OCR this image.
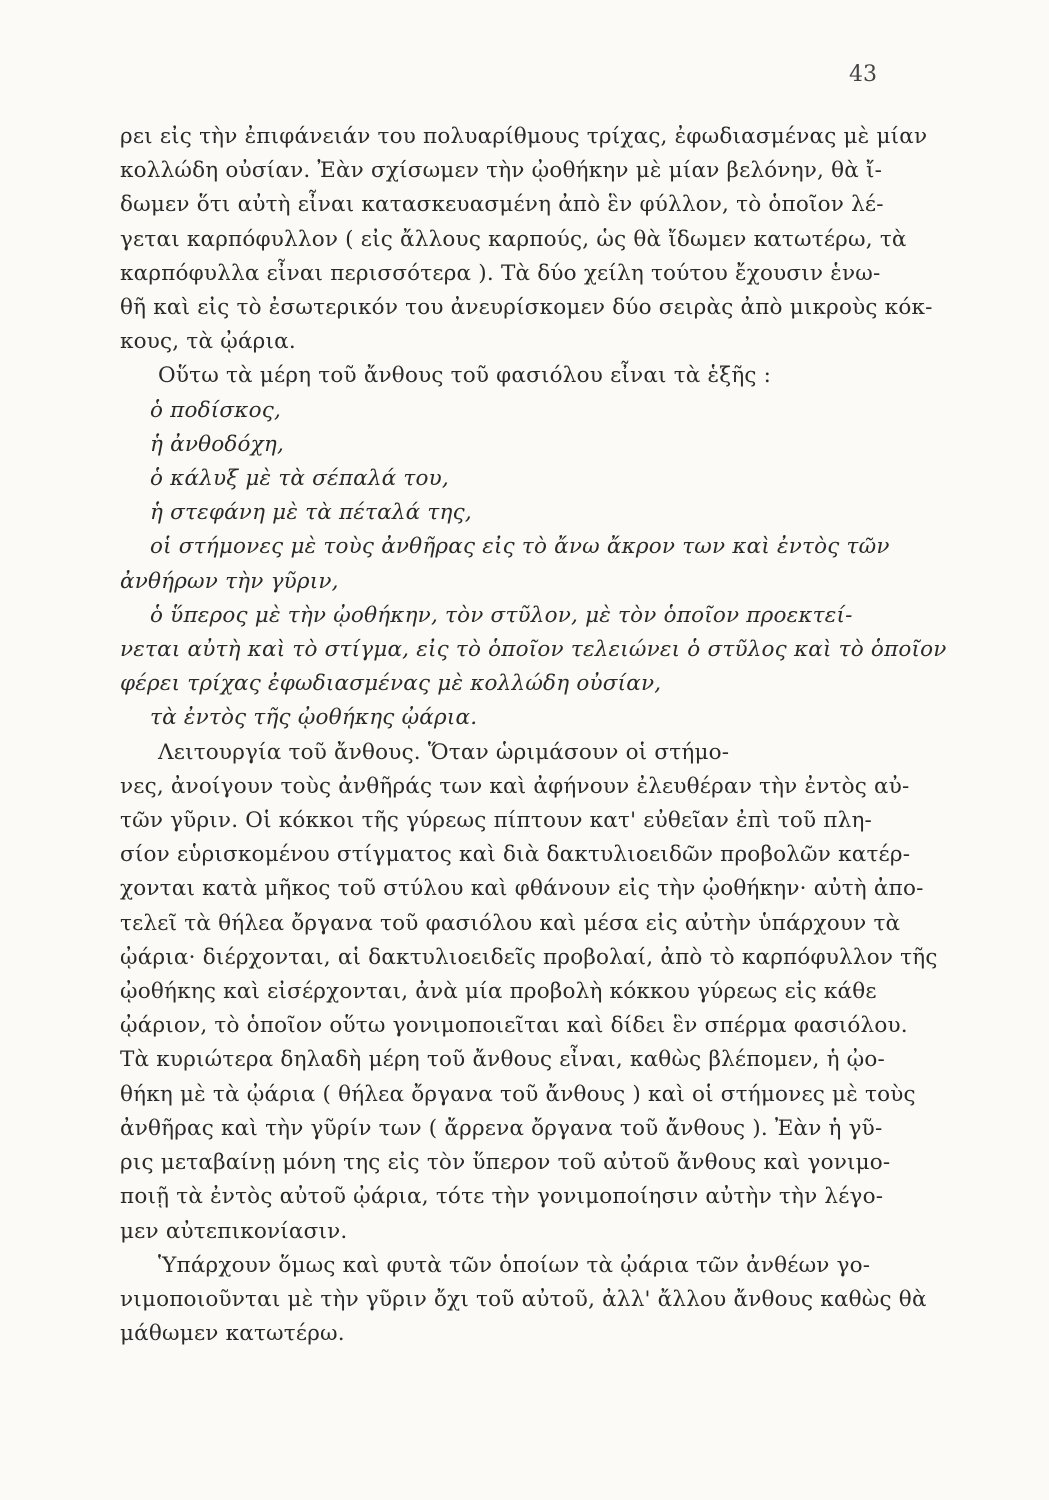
43
ρει εἰς τὴν ἐπιφάνειάν του πολυαρίθμους τρίχας, ἐφωδιασμένας μὲ μίαν
κολλώδη οὐσίαν. Ἐὰν σχίσωμεν τὴν ᾠοθήκην μὲ μίαν βελόνην, θὰ ἴ-
δωμεν ὅτι αὐτὴ εἶναι κατασκευασμένη ἀπὸ ἓν φύλλον, τὸ ὁποῖον λέ-
γεται καρπόφυλλον ( εἰς ἄλλους καρπούς, ὡς θὰ ἴδωμεν κατωτέρω, τὰ
καρπόφυλλα εἶναι περισσότερα ). Τὰ δύο χείλη τούτου ἔχουσιν ἑνω-
θῆ καὶ εἰς τὸ ἐσωτερικόν του ἀνευρίσκομεν δύο σειρὰς ἀπὸ μικροὺς κόκ-
κους, τὰ ᾠάρια.
Οὕτω τὰ μέρη τοῦ ἄνθους τοῦ φασιόλου εἶναι τὰ ἑξῆς :
ὁ ποδίσκος,
ἡ ἀνθοδόχη,
ὁ κάλυξ μὲ τὰ σέπαλά του,
ἡ στεφάνη μὲ τὰ πέταλά της,
οἱ στήμονες μὲ τοὺς ἀνθῆρας εἰς τὸ ἄνω ἄκρον των καὶ ἐντὸς τῶν
ἀνθήρων τὴν γῦριν,
ὁ ὕπερος μὲ τὴν ᾠοθήκην, τὸν στῦλον, μὲ τὸν ὁποῖον προεκτεί-
νεται αὐτὴ καὶ τὸ στίγμα, εἰς τὸ ὁποῖον τελειώνει ὁ στῦλος καὶ τὸ ὁποῖον
φέρει τρίχας ἐφωδιασμένας μὲ κολλώδη οὐσίαν,
τὰ ἐντὸς τῆς ᾠοθήκης ᾠάρια.
Λειτουργία τοῦ ἄνθους. Ὅταν ὡριμάσουν οἱ στήμο-
νες, ἀνοίγουν τοὺς ἀνθῆράς των καὶ ἀφήνουν ἐλευθέραν τὴν ἐντὸς αὐ-
τῶν γῦριν. Οἱ κόκκοι τῆς γύρεως πίπτουν κατ' εὐθεῖαν ἐπὶ τοῦ πλη-
σίον εὑρισκομένου στίγματος καὶ διὰ δακτυλιοειδῶν προβολῶν κατέρ-
χονται κατὰ μῆκος τοῦ στύλου καὶ φθάνουν εἰς τὴν ᾠοθήκην· αὐτὴ ἀπο-
τελεῖ τὰ θήλεα ὄργανα τοῦ φασιόλου καὶ μέσα εἰς αὐτὴν ὑπάρχουν τὰ
ᾠάρια· διέρχονται, αἱ δακτυλιοειδεῖς προβολαί, ἀπὸ τὸ καρπόφυλλον τῆς
ᾠοθήκης καὶ εἰσέρχονται, ἀνὰ μία προβολὴ κόκκου γύρεως εἰς κάθε
ᾠάριον, τὸ ὁποῖον οὕτω γονιμοποιεῖται καὶ δίδει ἓν σπέρμα φασιόλου.
Τὰ κυριώτερα δηλαδὴ μέρη τοῦ ἄνθους εἶναι, καθὼς βλέπομεν, ἡ ᾠο-
θήκη μὲ τὰ ᾠάρια ( θήλεα ὄργανα τοῦ ἄνθους ) καὶ οἱ στήμονες μὲ τοὺς
ἀνθῆρας καὶ τὴν γῦρίν των ( ἄρρενα ὄργανα τοῦ ἄνθους ). Ἐὰν ἡ γῦ-
ρις μεταβαίνῃ μόνη της εἰς τὸν ὕπερον τοῦ αὐτοῦ ἄνθους καὶ γονιμο-
ποιῇ τὰ ἐντὸς αὐτοῦ ᾠάρια, τότε τὴν γονιμοποίησιν αὐτὴν τὴν λέγο-
μεν αὐτεπικονίασιν.
Ὑπάρχουν ὅμως καὶ φυτὰ τῶν ὁποίων τὰ ᾠάρια τῶν ἀνθέων γο-
νιμοποιοῦνται μὲ τὴν γῦριν ὄχι τοῦ αὐτοῦ, ἀλλ' ἄλλου ἄνθους καθὼς θὰ
μάθωμεν κατωτέρω.
